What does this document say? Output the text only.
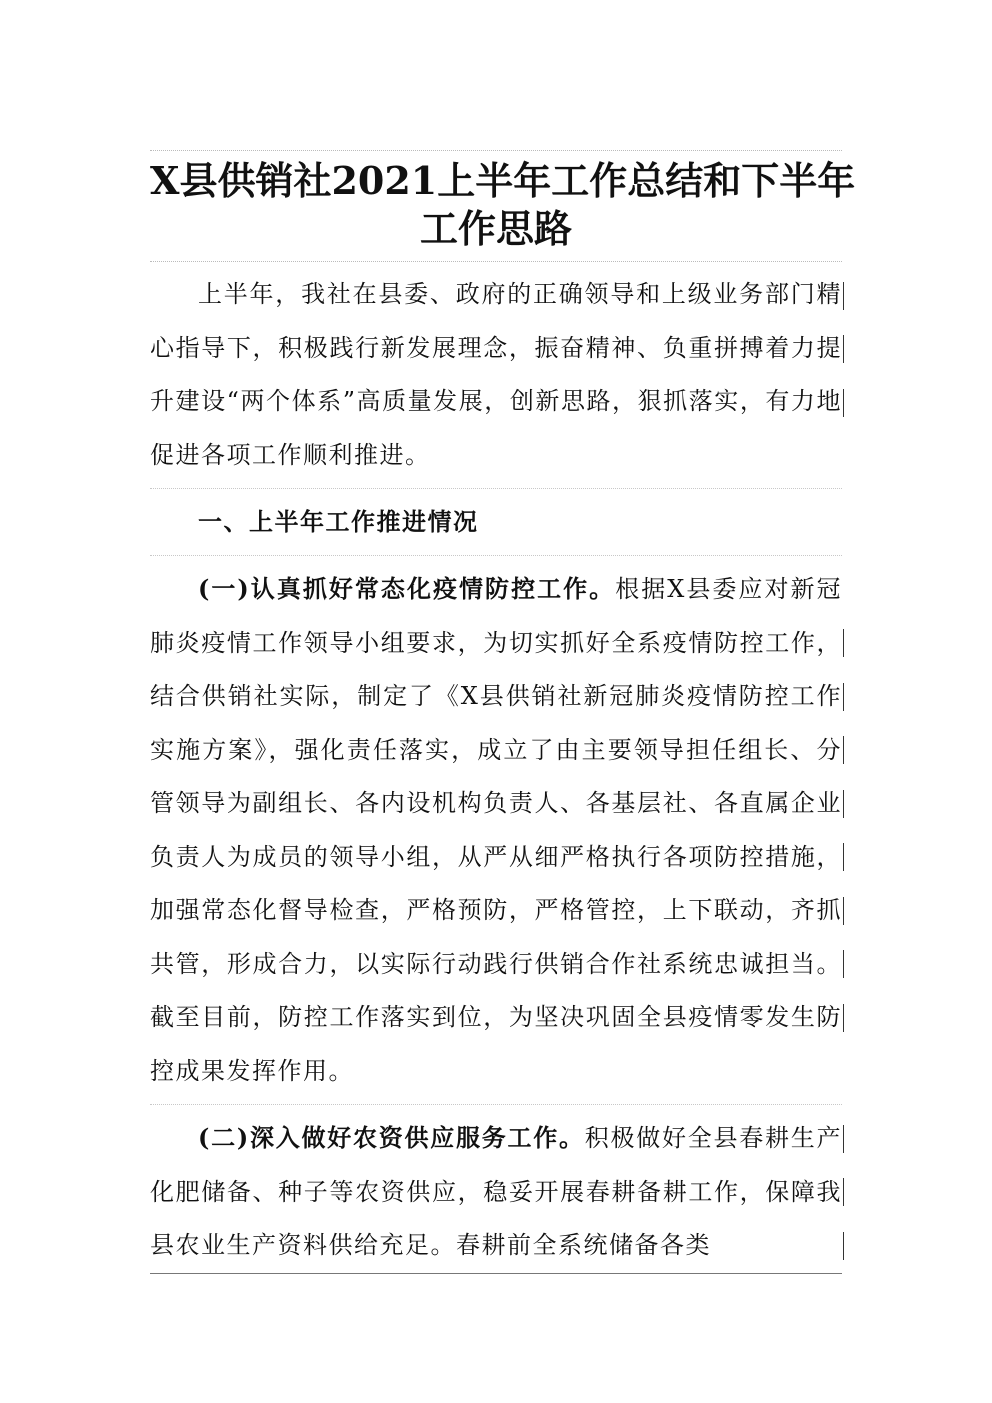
X县供销社2021上半年工作总结和下半年
工作思路
上半年，我社在县委、政府的正确领导和上级业务部门精心指导下，积极践行新发展理念，振奋精神、负重拼搏着力提升建设“两个体系”高质量发展，创新思路，狠抓落实，有力地促进各项工作顺利推进。
一、上半年工作推进情况
(一)认真抓好常态化疫情防控工作。根据X县委应对新冠肺炎疫情工作领导小组要求，为切实抓好全系疫情防控工作，结合供销社实际，制定了《X县供销社新冠肺炎疫情防控工作实施方案》，强化责任落实，成立了由主要领导担任组长、分管领导为副组长、各内设机构负责人、各基层社、各直属企业负责人为成员的领导小组，从严从细严格执行各项防控措施，加强常态化督导检查，严格预防，严格管控，上下联动，齐抓共管，形成合力，以实际行动践行供销合作社系统忠诚担当。截至目前，防控工作落实到位，为坚决巩固全县疫情零发生防控成果发挥作用。
(二)深入做好农资供应服务工作。积极做好全县春耕生产化肥储备、种子等农资供应，稳妥开展春耕备耕工作，保障我县农业生产资料供给充足。春耕前全系统储备各类
